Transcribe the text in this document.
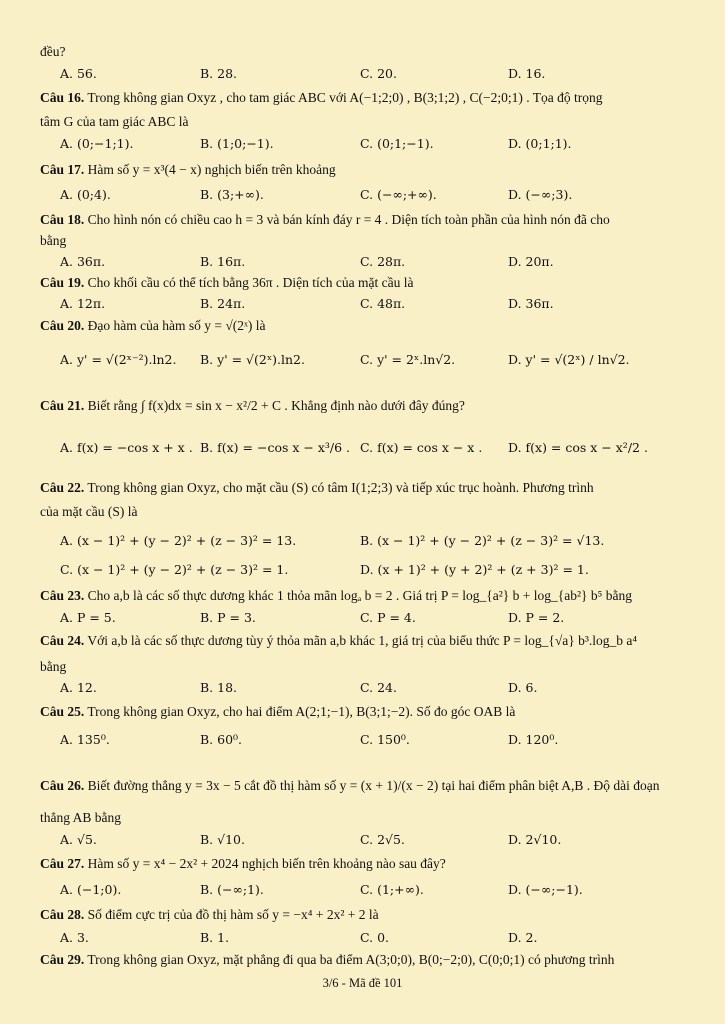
đều?
A. 56.	B. 28.	C. 20.	D. 16.
Câu 16. Trong không gian Oxyz , cho tam giác ABC với A(−1;2;0) , B(3;1;2) , C(−2;0;1) . Tọa độ trọng
tâm G của tam giác ABC là
A. (0;−1;1).	B. (1;0;−1).	C. (0;1;−1).	D. (0;1;1).
Câu 17. Hàm số y = x³(4 − x) nghịch biến trên khoảng
A. (0;4).	B. (3;+∞).	C. (−∞;+∞).	D. (−∞;3).
Câu 18. Cho hình nón có chiều cao h = 3 và bán kính đáy r = 4 . Diện tích toàn phần của hình nón đã cho
bằng
A. 36π.	B. 16π.	C. 28π.	D. 20π.
Câu 19. Cho khối cầu có thể tích bằng 36π . Diện tích của mặt cầu là
A. 12π.	B. 24π.	C. 48π.	D. 36π.
Câu 20. Đạo hàm của hàm số y = √(2ˣ) là
A. y' = √(2ˣ⁻²).ln2. B. y' = √(2ˣ).ln2.	C. y' = 2ˣ.ln√2.	D. y' = √(2ˣ) / ln√2.
Câu 21. Biết rằng ∫ f(x)dx = sin x − x²/2 + C . Khẳng định nào dưới đây đúng?
A. f(x) = −cos x + x . B. f(x) = −cos x − x³/6 . C. f(x) = cos x − x . D. f(x) = cos x − x²/2 .
Câu 22. Trong không gian Oxyz, cho mặt cầu (S) có tâm I(1;2;3) và tiếp xúc trục hoành. Phương trình
của mặt cầu (S) là
A. (x − 1)² + (y − 2)² + (z − 3)² = 13.	B. (x − 1)² + (y − 2)² + (z − 3)² = √13.
C. (x − 1)² + (y − 2)² + (z − 3)² = 1.	D. (x + 1)² + (y + 2)² + (z + 3)² = 1.
Câu 23. Cho a,b là các số thực dương khác 1 thỏa mãn logₐ b = 2 . Giá trị P = log_{a²} b + log_{ab²} b⁵ bằng
A. P = 5.	B. P = 3.	C. P = 4.	D. P = 2.
Câu 24. Với a,b là các số thực dương tùy ý thỏa mãn a,b khác 1, giá trị của biểu thức P = log_{√a} b³.log_b a⁴
bằng
A. 12.	B. 18.	C. 24.	D. 6.
Câu 25. Trong không gian Oxyz, cho hai điểm A(2;1;−1), B(3;1;−2). Số đo góc OAB là
A. 135⁰.	B. 60⁰.	C. 150⁰.	D. 120⁰.
Câu 26. Biết đường thẳng y = 3x − 5 cắt đồ thị hàm số y = (x + 1)/(x − 2) tại hai điểm phân biệt A,B . Độ dài đoạn
thẳng AB bằng
A. √5.	B. √10.	C. 2√5.	D. 2√10.
Câu 27. Hàm số y = x⁴ − 2x² + 2024 nghịch biến trên khoảng nào sau đây?
A. (−1;0).	B. (−∞;1).	C. (1;+∞).	D. (−∞;−1).
Câu 28. Số điểm cực trị của đồ thị hàm số y = −x⁴ + 2x² + 2 là
A. 3.	B. 1.	C. 0.	D. 2.
Câu 29. Trong không gian Oxyz, mặt phẳng đi qua ba điểm A(3;0;0), B(0;−2;0), C(0;0;1) có phương trình
3/6 - Mã đề 101
